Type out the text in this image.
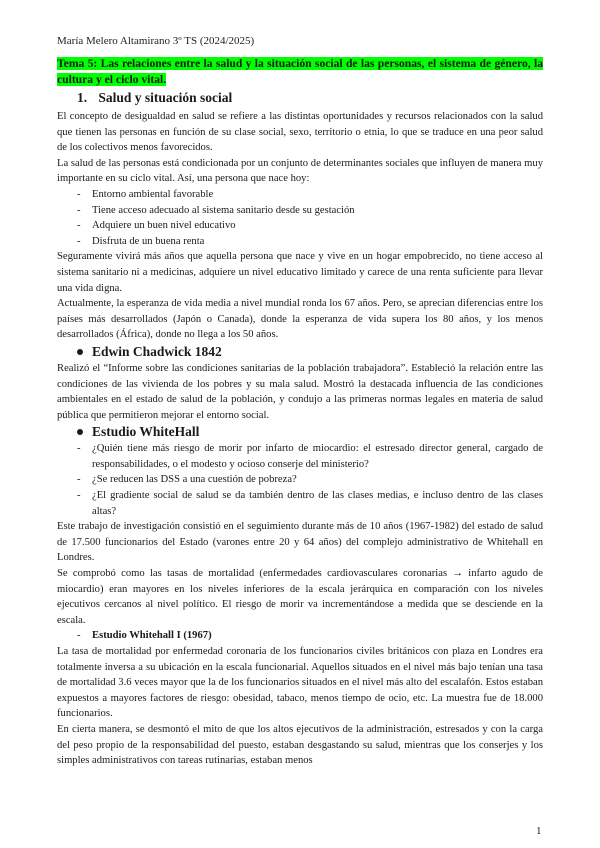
María Melero Altamirano 3º TS (2024/2025)
Tema 5: Las relaciones entre la salud y la situación social de las personas, el sistema de género, la cultura y el ciclo vital.
1. Salud y situación social

El concepto de desigualdad en salud se refiere a las distintas oportunidades y recursos relacionados con la salud que tienen las personas en función de su clase social, sexo, territorio o etnia, lo que se traduce en una peor salud de los colectivos menos favorecidos.

La salud de las personas está condicionada por un conjunto de determinantes sociales que influyen de manera muy importante en su ciclo vital. Así, una persona que nace hoy:

- Entorno ambiental favorable
- Tiene acceso adecuado al sistema sanitario desde su gestación
- Adquiere un buen nivel educativo
- Disfruta de un buena renta

Seguramente vivirá más años que aquella persona que nace y vive en un hogar empobrecido, no tiene acceso al sistema sanitario ni a medicinas, adquiere un nivel educativo limitado y carece de una renta suficiente para llevar una vida digna.

Actualmente, la esperanza de vida media a nivel mundial ronda los 67 años. Pero, se aprecian diferencias entre los países más desarrollados (Japón o Canada), donde la esperanza de vida supera los 80 años, y los menos desarrollados (África), donde no llega a los 50 años.

Edwin Chadwick 1842

Realizó el “Informe sobre las condiciones sanitarias de la población trabajadora”. Estableció la relación entre las condiciones de las vivienda de los pobres y su mala salud. Mostró la destacada influencia de las condiciones ambientales en el estado de salud de la población, y condujo a las primeras normas legales en materia de salud pública que permitieron mejorar el entorno social.

Estudio WhiteHall
- ¿Quién tiene más riesgo de morir por infarto de miocardio: el estresado director general, cargado de responsabilidades, o el modesto y ocioso conserje del ministerio?
- ¿Se reducen las DSS a una cuestión de pobreza?
- ¿El gradiente social de salud se da también dentro de las clases medias, e incluso dentro de las clases altas?

Este trabajo de investigación consistió en el seguimiento durante más de 10 años (1967-1982) del estado de salud de 17.500 funcionarios del Estado (varones entre 20 y 64 años) del complejo administrativo de Whitehall en Londres.

Se comprobó como las tasas de mortalidad (enfermedades cardiovasculares coronarias → infarto agudo de miocardio) eran mayores en los niveles inferiores de la escala jerárquica en comparación con los niveles ejecutivos cercanos al nivel político. El riesgo de morir va incrementándose a medida que se desciende en la escala.

- Estudio Whitehall I (1967)

La tasa de mortalidad por enfermedad coronaria de los funcionarios civiles británicos con plaza en Londres era totalmente inversa a su ubicación en la escala funcionarial. Aquellos situados en el nivel más bajo tenían una tasa de mortalidad 3.6 veces mayor que la de los funcionarios situados en el nivel más alto del escalafón. Estos estaban expuestos a mayores factores de riesgo: obesidad, tabaco, menos tiempo de ocio, etc. La muestra fue de 18.000 funcionarios.

En cierta manera, se desmontó el mito de que los altos ejecutivos de la administración, estresados y con la carga del peso propio de la responsabilidad del puesto, estaban desgastando su salud, mientras que los conserjes y los simples administrativos con tareas rutinarias, estaban menos

1
